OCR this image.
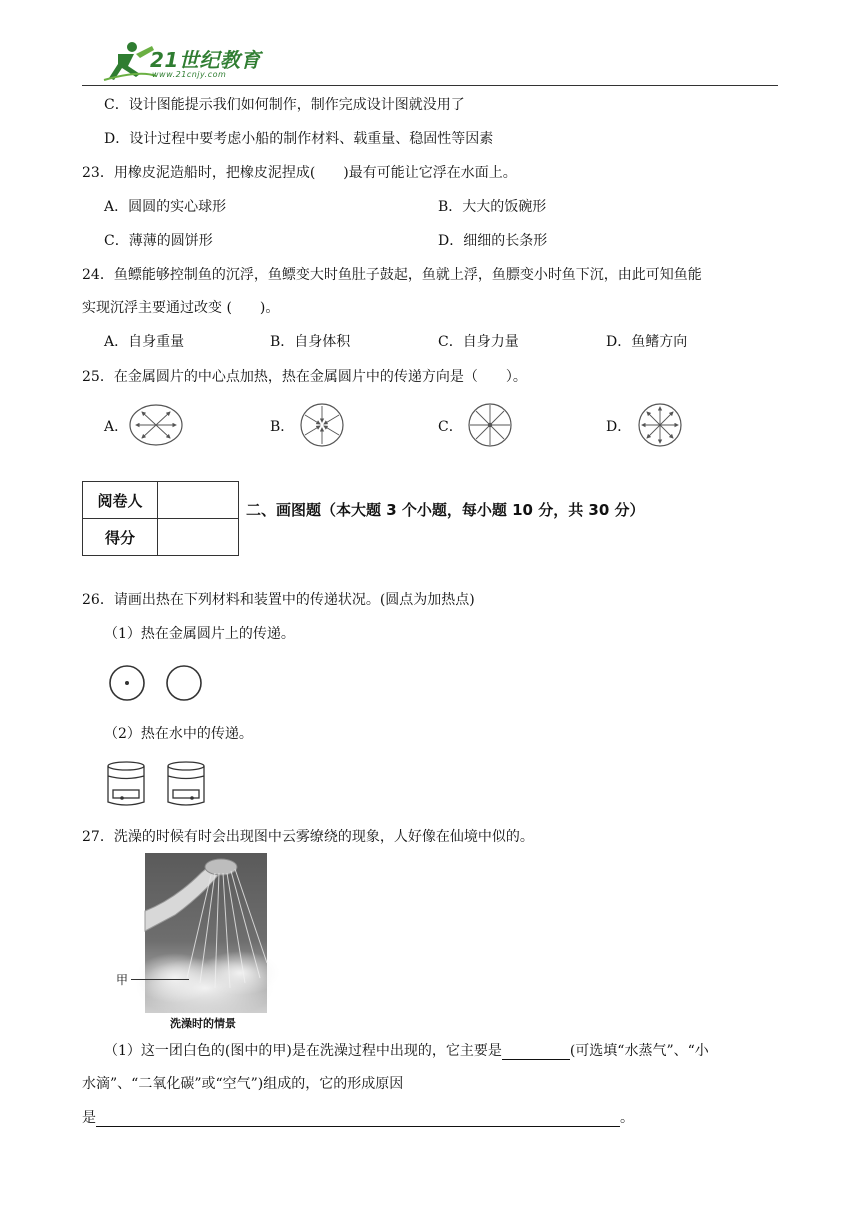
21世纪教育
www.21cnjy.com
C．设计图能提示我们如何制作，制作完成设计图就没用了
D．设计过程中要考虑小船的制作材料、载重量、稳固性等因素
23．用橡皮泥造船时，把橡皮泥捏成(　　)最有可能让它浮在水面上。
A．圆圆的实心球形	B．大大的饭碗形
C．薄薄的圆饼形	D．细细的长条形
24．鱼鳔能够控制鱼的沉浮，鱼鳔变大时鱼肚子鼓起，鱼就上浮，鱼膘变小时鱼下沉，由此可知鱼能
实现沉浮主要通过改变 (　　)。
A．自身重量	B．自身体积	C．自身力量	D．鱼鳍方向
25．在金属圆片的中心点加热，热在金属圆片中的传递方向是（　　）。
A．	B．	C．	D．
阅卷人	
得分	
二、画图题（本大题 3 个小题，每小题 10 分，共 30 分）
26．请画出热在下列材料和装置中的传递状况。(圆点为加热点)
（1）热在金属圆片上的传递。
（2）热在水中的传递。
27．洗澡的时候有时会出现图中云雾缭绕的现象，人好像在仙境中似的。
甲
洗澡时的情景
（1）这一团白色的(图中的甲)是在洗澡过程中出现的，它主要是	(可选填“水蒸气”、“小
水滴”、“二氧化碳”或“空气”)组成的，它的形成原因
是	。
